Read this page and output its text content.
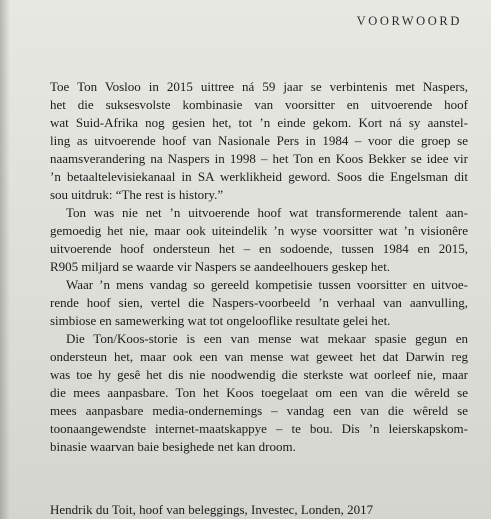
VOORWOORD
Toe Ton Vosloo in 2015 uittree ná 59 jaar se verbintenis met Naspers,
het die suksesvolste kombinasie van voorsitter en uitvoerende hoof
wat Suid-Afrika nog gesien het, tot ’n einde gekom. Kort ná sy aanstel-
ling as uitvoerende hoof van Nasionale Pers in 1984 – voor die groep se
naamsverandering na Naspers in 1998 – het Ton en Koos Bekker se idee vir
’n betaaltelevisiekanaal in SA werklikheid geword. Soos die Engelsman dit
sou uitdruk: “The rest is history.”
Ton was nie net ’n uitvoerende hoof wat transformerende talent aan-
gemoedig het nie, maar ook uiteindelik ’n wyse voorsitter wat ’n visionêre
uitvoerende hoof ondersteun het – en sodoende, tussen 1984 en 2015,
R905 miljard se waarde vir Naspers se aandeelhouers geskep het.
Waar ’n mens vandag so gereeld kompetisie tussen voorsitter en uitvoe-
rende hoof sien, vertel die Naspers-voorbeeld ’n verhaal van aanvulling,
simbiose en samewerking wat tot ongelooflike resultate gelei het.
Die Ton/Koos-storie is een van mense wat mekaar spasie gegun en
ondersteun het, maar ook een van mense wat geweet het dat Darwin reg
was toe hy gesê het dis nie noodwendig die sterkste wat oorleef nie, maar
die mees aanpasbare. Ton het Koos toegelaat om een van die wêreld se
mees aanpasbare media-ondernemings – vandag een van die wêreld se
toonaangewendste internet-maatskappye – te bou. Dis ’n leierskapskom-
binasie waarvan baie besighede net kan droom.
Hendrik du Toit, hoof van beleggings, Investec, Londen, 2017
